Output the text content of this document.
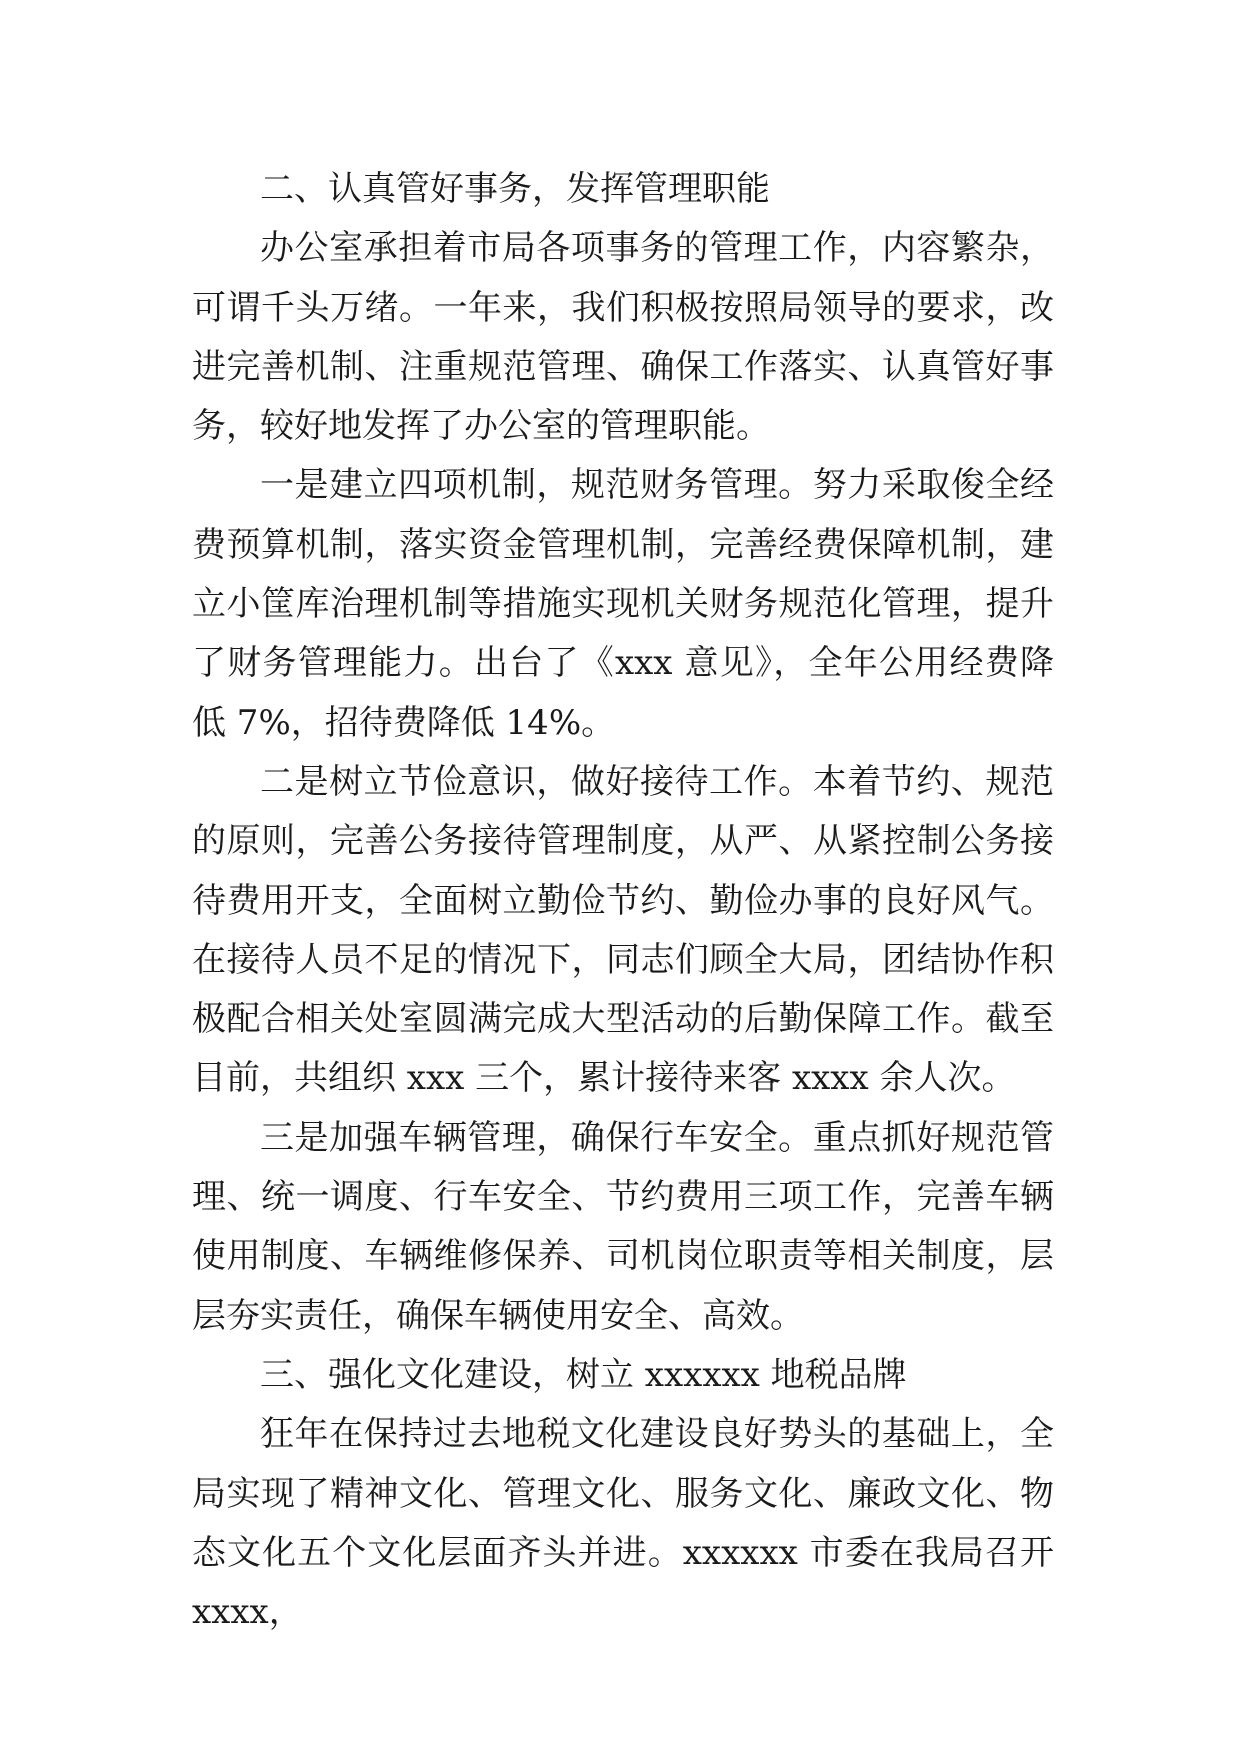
二、认真管好事务，发挥管理职能

办公室承担着市局各项事务的管理工作，内容繁杂，可谓千头万绪。一年来，我们积极按照局领导的要求，改进完善机制、注重规范管理、确保工作落实、认真管好事务，较好地发挥了办公室的管理职能。

一是建立四项机制，规范财务管理。努力采取俊全经费预算机制，落实资金管理机制，完善经费保障机制，建立小筐库治理机制等措施实现机关财务规范化管理，提升了财务管理能力。出台了《xxx 意见》，全年公用经费降低 7%，招待费降低 14%。

二是树立节俭意识，做好接待工作。本着节约、规范的原则，完善公务接待管理制度，从严、从紧控制公务接待费用开支，全面树立勤俭节约、勤俭办事的良好风气。在接待人员不足的情况下，同志们顾全大局，团结协作积极配合相关处室圆满完成大型活动的后勤保障工作。截至目前，共组织 xxx 三个，累计接待来客 xxxx 余人次。

三是加强车辆管理，确保行车安全。重点抓好规范管理、统一调度、行车安全、节约费用三项工作，完善车辆使用制度、车辆维修保养、司机岗位职责等相关制度，层层夯实责任，确保车辆使用安全、高效。

三、强化文化建设，树立 xxxxxx 地税品牌

狂年在保持过去地税文化建设良好势头的基础上，全局实现了精神文化、管理文化、服务文化、廉政文化、物态文化五个文化层面齐头并进。xxxxxx 市委在我局召开 xxxx，
